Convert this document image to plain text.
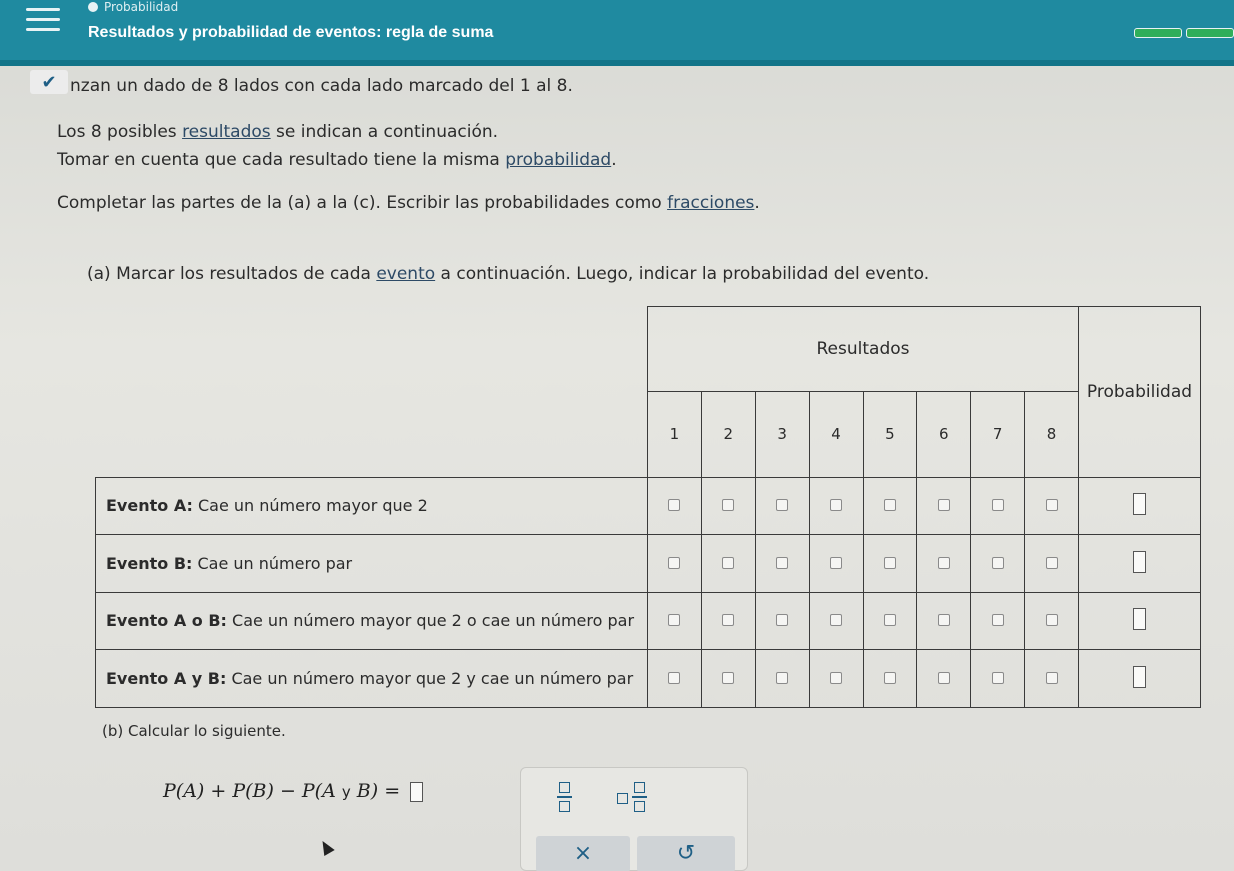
Probabilidad
Resultados y probabilidad de eventos: regla de suma
✔ nzan un dado de 8 lados con cada lado marcado del 1 al 8.
Los 8 posibles resultados se indican a continuación.
Tomar en cuenta que cada resultado tiene la misma probabilidad.
Completar las partes de la (a) a la (c). Escribir las probabilidades como fracciones.
(a) Marcar los resultados de cada evento a continuación. Luego, indicar la probabilidad del evento.
	Resultados								Probabilidad
	1	2	3	4	5	6	7	8	
Evento A: Cae un número mayor que 2									
Evento B: Cae un número par									
Evento A o B: Cae un número mayor que 2 o cae un número par									
Evento A y B: Cae un número mayor que 2 y cae un número par									
(b) Calcular lo siguiente.
P(A) + P(B) − P(A y B) =
×	↺
